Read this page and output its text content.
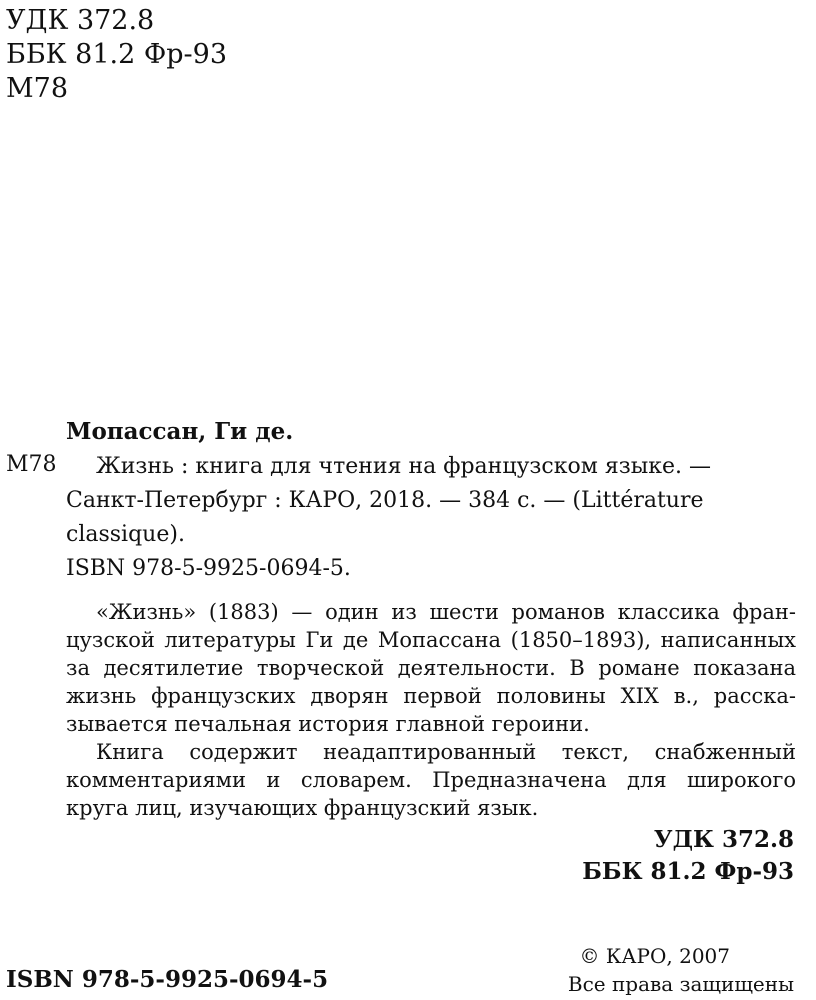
УДК 372.8
ББК 81.2 Фр-93
М78
Мопассан, Ги де.
М78 Жизнь : книга для чтения на французском языке. —
Санкт-Петербург : КАРО, 2018. — 384 с. — (Littérature
classique).
ISBN 978-5-9925-0694-5.
«Жизнь» (1883) — один из шести романов классика фран-
цузской литературы Ги де Мопассана (1850–1893), написанных
за десятилетие творческой деятельности. В романе показана
жизнь французских дворян первой половины XIX в., расска-
зывается печальная история главной героини.
Книга содержит неадаптированный текст, снабженный
комментариями и словарем. Предназначена для широкого
круга лиц, изучающих французский язык.
УДК 372.8
ББК 81.2 Фр-93
© КАРО, 2007
Все права защищены
ISBN 978-5-9925-0694-5
